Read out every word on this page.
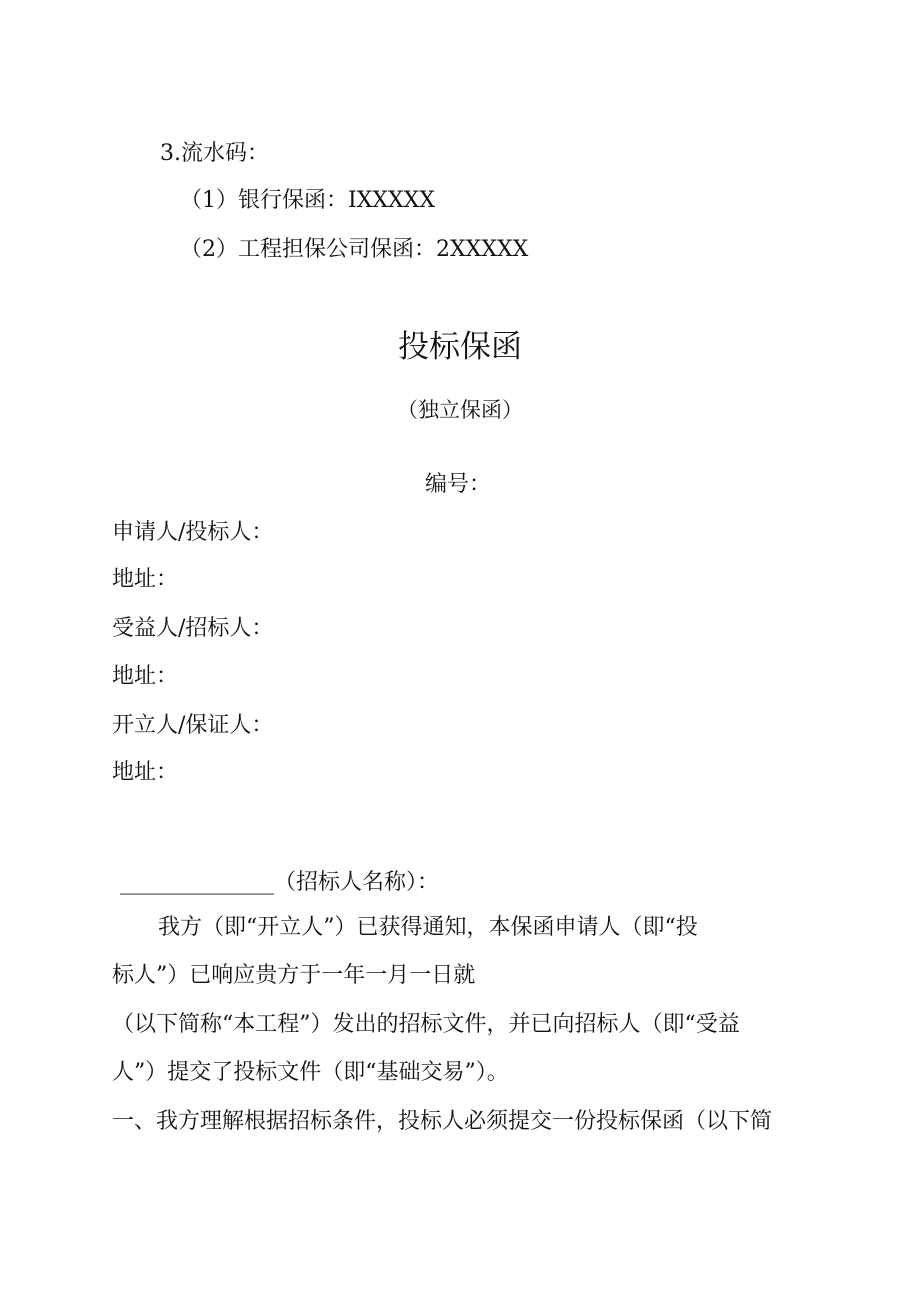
3.流水码：
（1）银行保函：IXXXXX
（2）工程担保公司保函：2XXXXX
投标保函
（独立保函）
编号：
申请人/投标人：
地址：
受益人/招标人：
地址：
开立人/保证人：
地址：
______________（招标人名称）：
我方（即“开立人”）已获得通知，本保函申请人（即“投
标人”）已响应贵方于一年一月一日就
（以下简称“本工程”）发出的招标文件，并已向招标人（即“受益
人”）提交了投标文件（即“基础交易”）。
一、我方理解根据招标条件，投标人必须提交一份投标保函（以下简
